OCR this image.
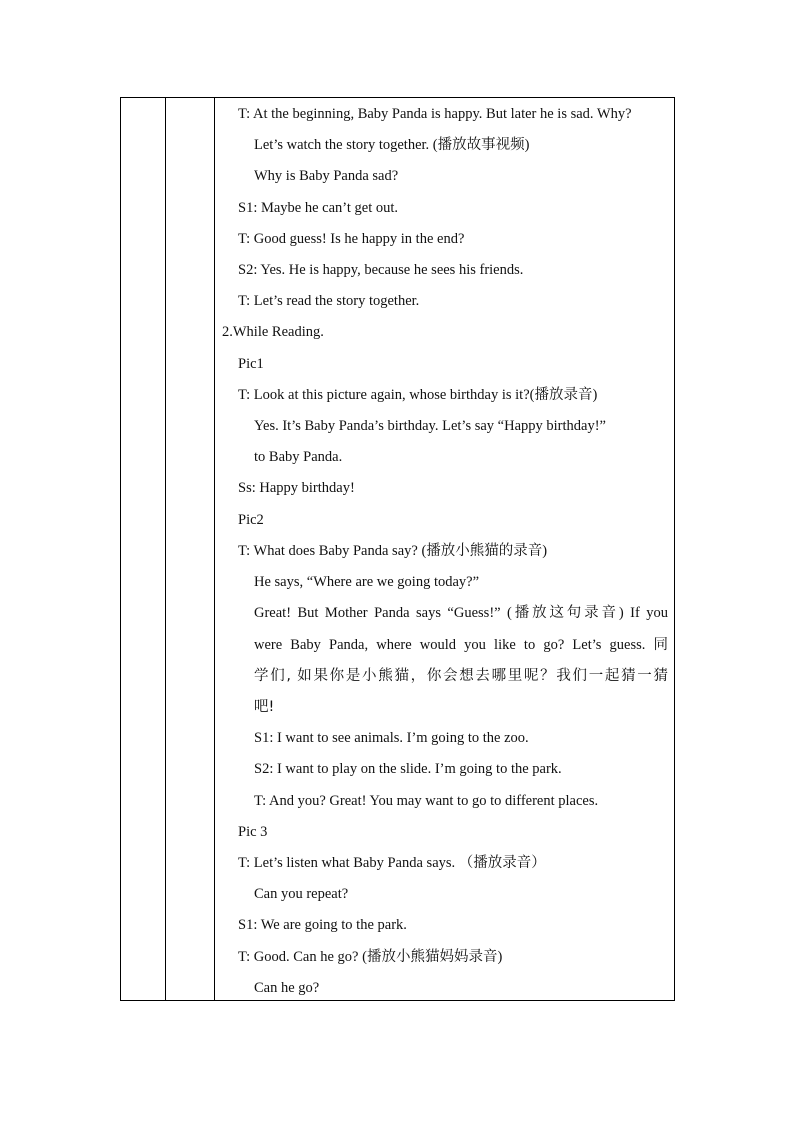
T: At the beginning, Baby Panda is happy. But later he is sad. Why?
Let’s watch the story together. (播放故事视频)
Why is Baby Panda sad?
S1: Maybe he can’t get out.
T: Good guess! Is he happy in the end?
S2: Yes. He is happy, because he sees his friends.
T: Let’s read the story together.
2.While Reading.
Pic1
T: Look at this picture again, whose birthday is it?(播放录音)
Yes. It’s Baby Panda’s birthday. Let’s say “Happy birthday!”
to Baby Panda.
Ss: Happy birthday!
Pic2
T: What does Baby Panda say? (播放小熊猫的录音)
He says, “Where are we going today?”
Great! But Mother Panda says “Guess!” (播放这句录音) If you
were Baby Panda, where would you like to go? Let’s guess. 同
学们, 如果你是小熊猫，你会想去哪里呢？我们一起猜一猜
吧!
S1: I want to see animals. I’m going to the zoo.
S2: I want to play on the slide. I’m going to the park.
T: And you? Great! You may want to go to different places.
Pic 3
T: Let’s listen what Baby Panda says. （播放录音）
Can you repeat?
S1: We are going to the park.
T: Good. Can he go? (播放小熊猫妈妈录音)
Can he go?
